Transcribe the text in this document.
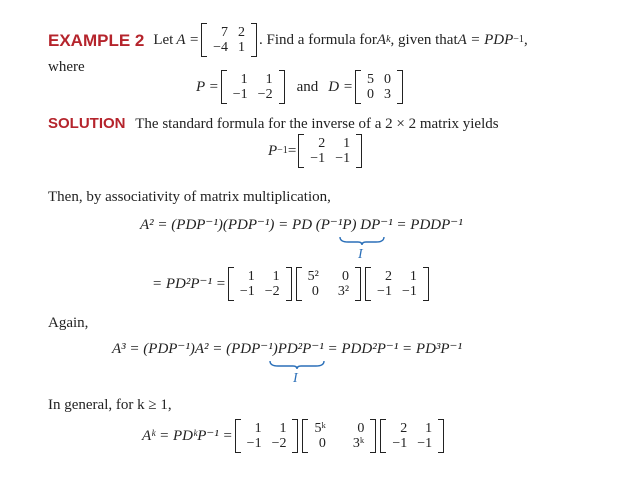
EXAMPLE 2 Let A = 7	2
−4	1 . Find a formula for A k , given that A = PDP −1 ,
where
P = 1	1
−1	−2 and D = 5	0
0	3
SOLUTION The standard formula for the inverse of a 2 × 2 matrix yields
P −1 = 2	1
−1	−1
Then, by associativity of matrix multiplication,
A² = (PDP⁻¹)(PDP⁻¹) = PD (P⁻¹P) DP⁻¹ = PDDP⁻¹
I
= PD²P⁻¹ = 1	1
−1	−2
5²	0
0	3²
2	1
−1	−1
Again,
A³ = (PDP⁻¹)A² = (PDP⁻¹)PD²P⁻¹ = PDD²P⁻¹ = PD³P⁻¹
I
In general, for k ≥ 1,
Aᵏ = PDᵏP⁻¹ = 1	1
−1	−2
5ᵏ	0
0	3ᵏ
2	1
−1	−1
